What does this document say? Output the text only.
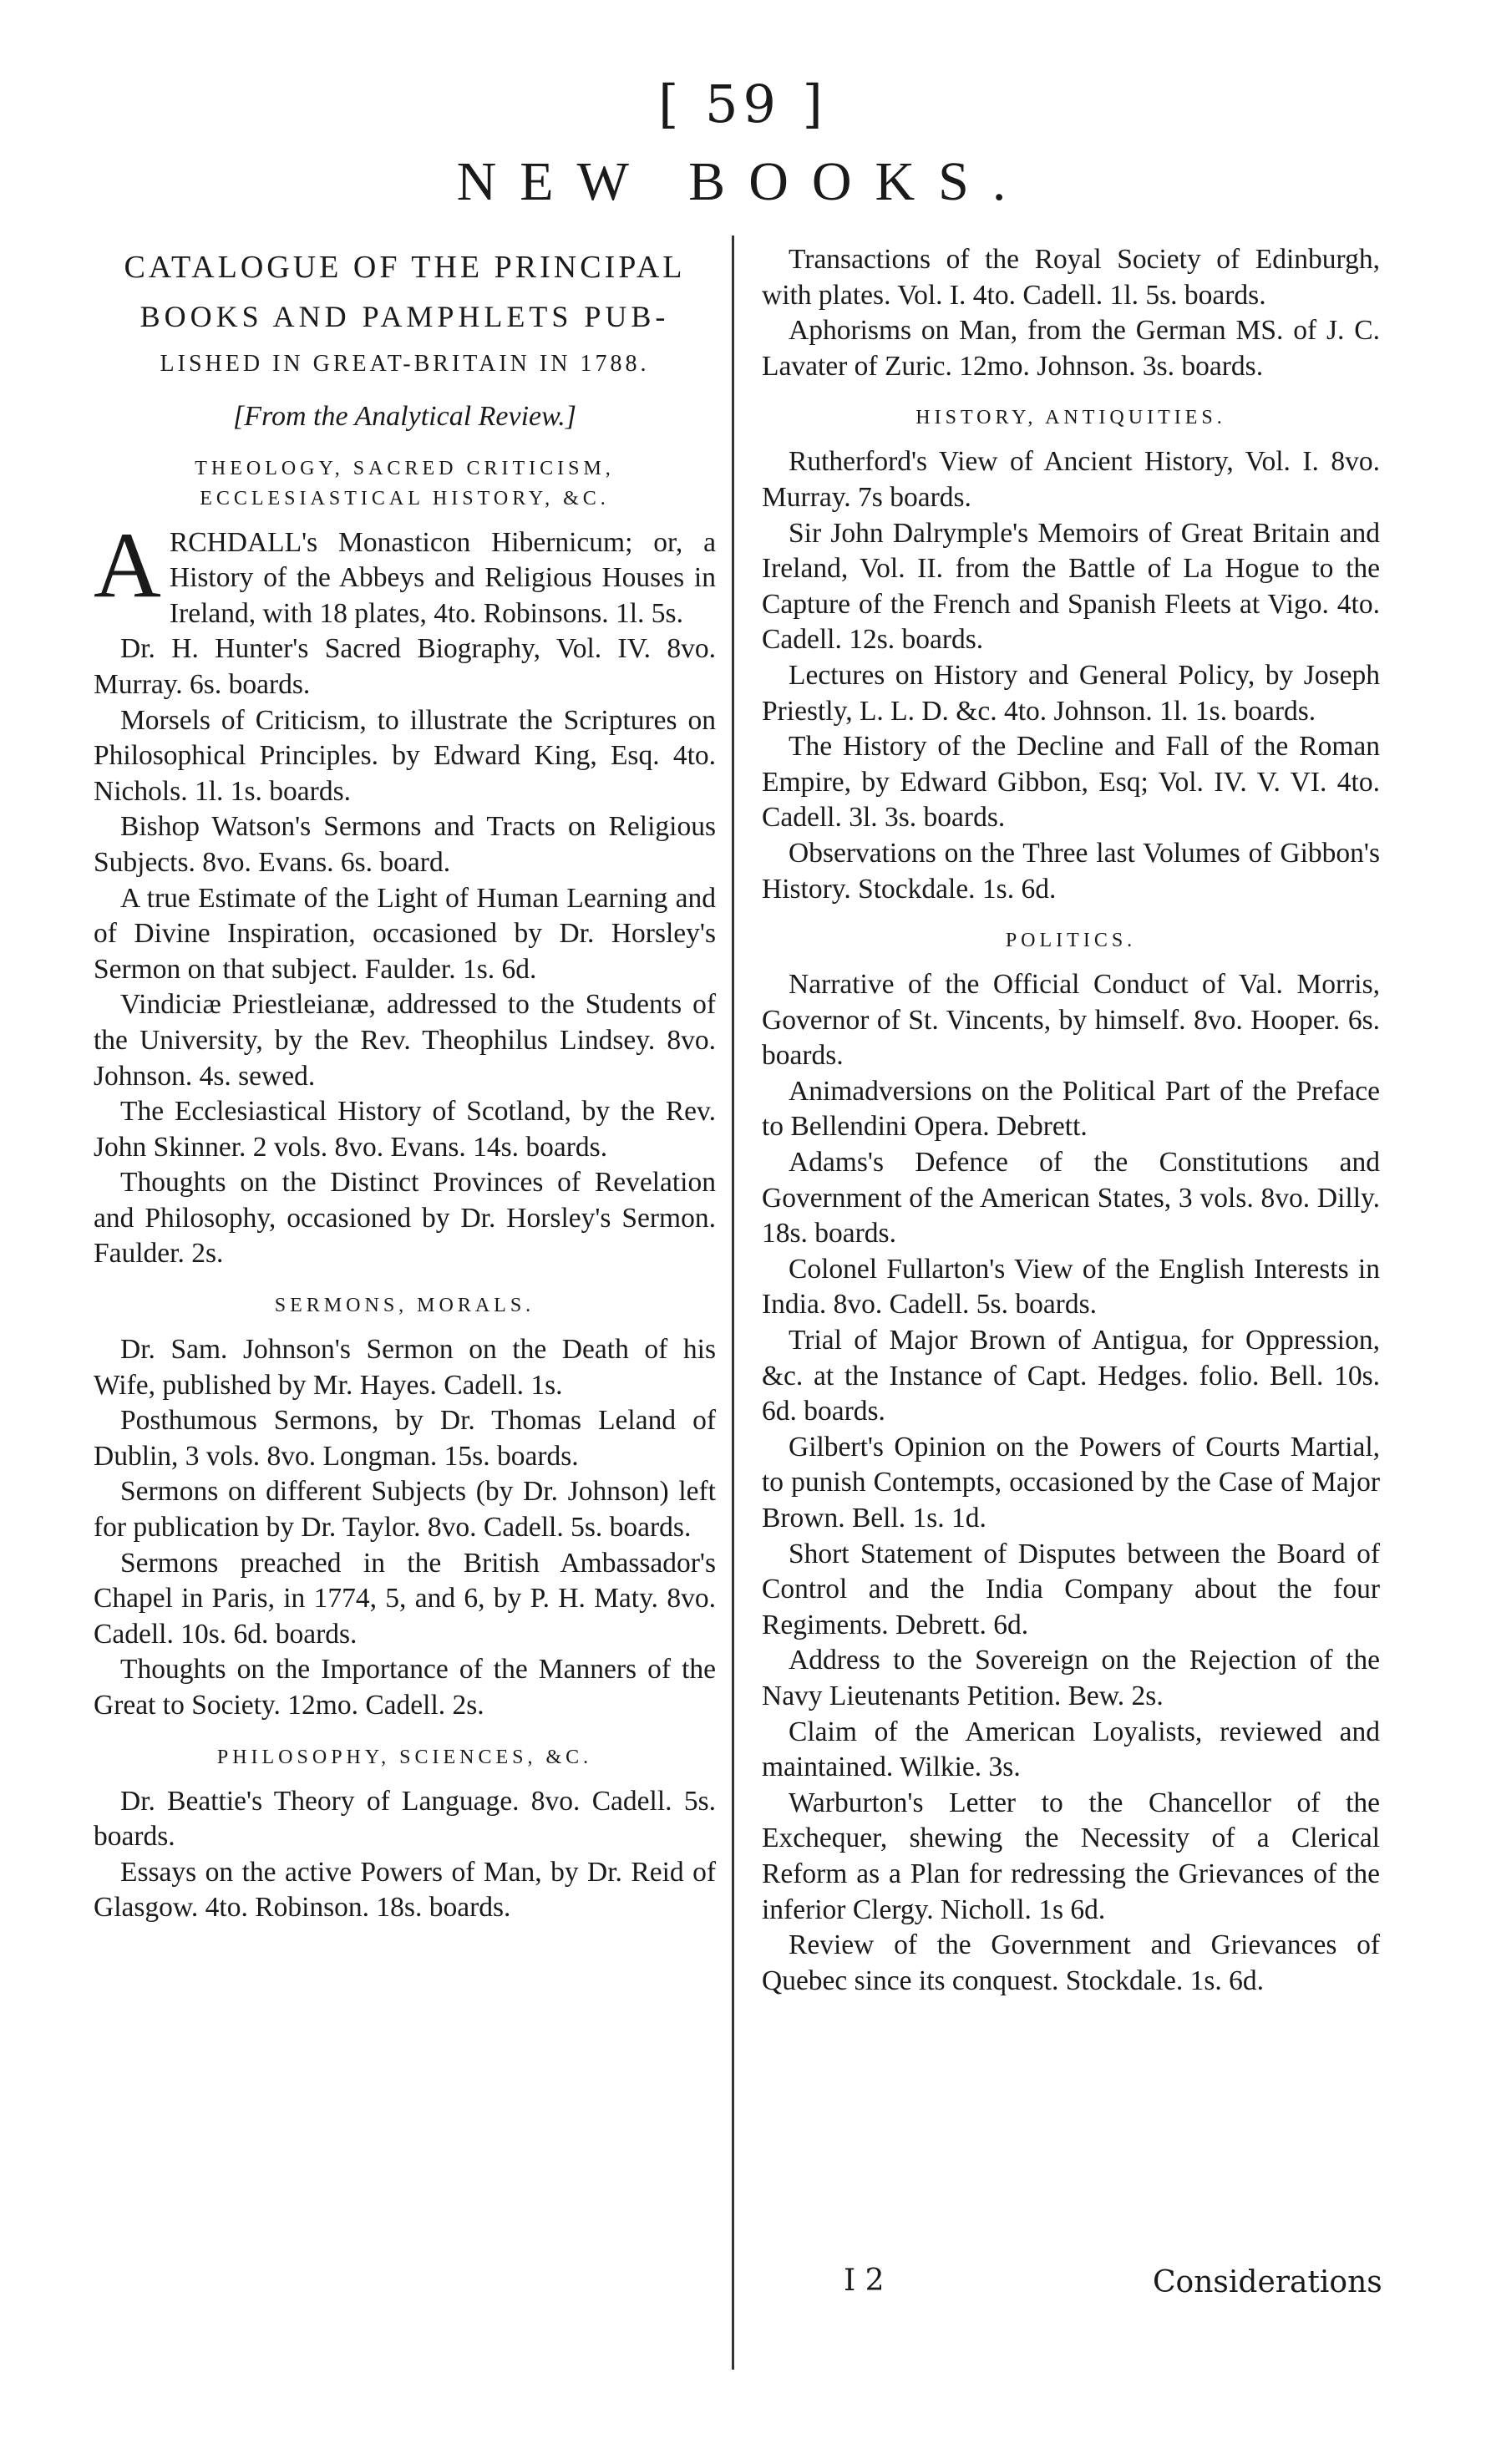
[ 59 ]
NEW BOOKS.
CATALOGUE OF THE PRINCIPAL
BOOKS AND PAMPHLETS PUB-
LISHED IN GREAT-BRITAIN IN 1788.
[From the Analytical Review.]
THEOLOGY, SACRED CRITICISM, ECCLESIASTICAL HISTORY, &C.

ARCHDALL's Monasticon Hibernicum; or, a History of the Abbeys and Religious Houses in Ireland, with 18 plates, 4to. Robinsons. 1l. 5s.

Dr. H. Hunter's Sacred Biography, Vol. IV. 8vo. Murray. 6s. boards.

Morsels of Criticism, to illustrate the Scriptures on Philosophical Principles. by Edward King, Esq. 4to. Nichols. 1l. 1s. boards.

Bishop Watson's Sermons and Tracts on Religious Subjects. 8vo. Evans. 6s. board.

A true Estimate of the Light of Human Learning and of Divine Inspiration, occasioned by Dr. Horsley's Sermon on that subject. Faulder. 1s. 6d.

Vindiciæ Priestleianæ, addressed to the Students of the University, by the Rev. Theophilus Lindsey. 8vo. Johnson. 4s. sewed.

The Ecclesiastical History of Scotland, by the Rev. John Skinner. 2 vols. 8vo. Evans. 14s. boards.

Thoughts on the Distinct Provinces of Revelation and Philosophy, occasioned by Dr. Horsley's Sermon. Faulder. 2s.

SERMONS, MORALS.

Dr. Sam. Johnson's Sermon on the Death of his Wife, published by Mr. Hayes. Cadell. 1s.

Posthumous Sermons, by Dr. Thomas Leland of Dublin, 3 vols. 8vo. Longman. 15s. boards.

Sermons on different Subjects (by Dr. Johnson) left for publication by Dr. Taylor. 8vo. Cadell. 5s. boards.

Sermons preached in the British Ambassador's Chapel in Paris, in 1774, 5, and 6, by P. H. Maty. 8vo. Cadell. 10s. 6d. boards.

Thoughts on the Importance of the Manners of the Great to Society. 12mo. Cadell. 2s.

PHILOSOPHY, SCIENCES, &C.

Dr. Beattie's Theory of Language. 8vo. Cadell. 5s. boards.

Essays on the active Powers of Man, by Dr. Reid of Glasgow. 4to. Robinson. 18s. boards.

Transactions of the Royal Society of Edinburgh, with plates. Vol. I. 4to. Cadell. 1l. 5s. boards.

Aphorisms on Man, from the German MS. of J. C. Lavater of Zuric. 12mo. Johnson. 3s. boards.

HISTORY, ANTIQUITIES.

Rutherford's View of Ancient History, Vol. I. 8vo. Murray. 7s boards.

Sir John Dalrymple's Memoirs of Great Britain and Ireland, Vol. II. from the Battle of La Hogue to the Capture of the French and Spanish Fleets at Vigo. 4to. Cadell. 12s. boards.

Lectures on History and General Policy, by Joseph Priestly, L. L. D. &c. 4to. Johnson. 1l. 1s. boards.

The History of the Decline and Fall of the Roman Empire, by Edward Gibbon, Esq; Vol. IV. V. VI. 4to. Cadell. 3l. 3s. boards.

Observations on the Three last Volumes of Gibbon's History. Stockdale. 1s. 6d.

POLITICS.

Narrative of the Official Conduct of Val. Morris, Governor of St. Vincents, by himself. 8vo. Hooper. 6s. boards.

Animadversions on the Political Part of the Preface to Bellendini Opera. Debrett.

Adams's Defence of the Constitutions and Government of the American States, 3 vols. 8vo. Dilly. 18s. boards.

Colonel Fullarton's View of the English Interests in India. 8vo. Cadell. 5s. boards.

Trial of Major Brown of Antigua, for Oppression, &c. at the Instance of Capt. Hedges. folio. Bell. 10s. 6d. boards.

Gilbert's Opinion on the Powers of Courts Martial, to punish Contempts, occasioned by the Case of Major Brown. Bell. 1s. 1d.

Short Statement of Disputes between the Board of Control and the India Company about the four Regiments. Debrett. 6d.

Address to the Sovereign on the Rejection of the Navy Lieutenants Petition. Bew. 2s.

Claim of the American Loyalists, reviewed and maintained. Wilkie. 3s.

Warburton's Letter to the Chancellor of the Exchequer, shewing the Necessity of a Clerical Reform as a Plan for redressing the Grievances of the inferior Clergy. Nicholl. 1s 6d.

Review of the Government and Grievances of Quebec since its conquest. Stockdale. 1s. 6d.

I 2	Considerations
